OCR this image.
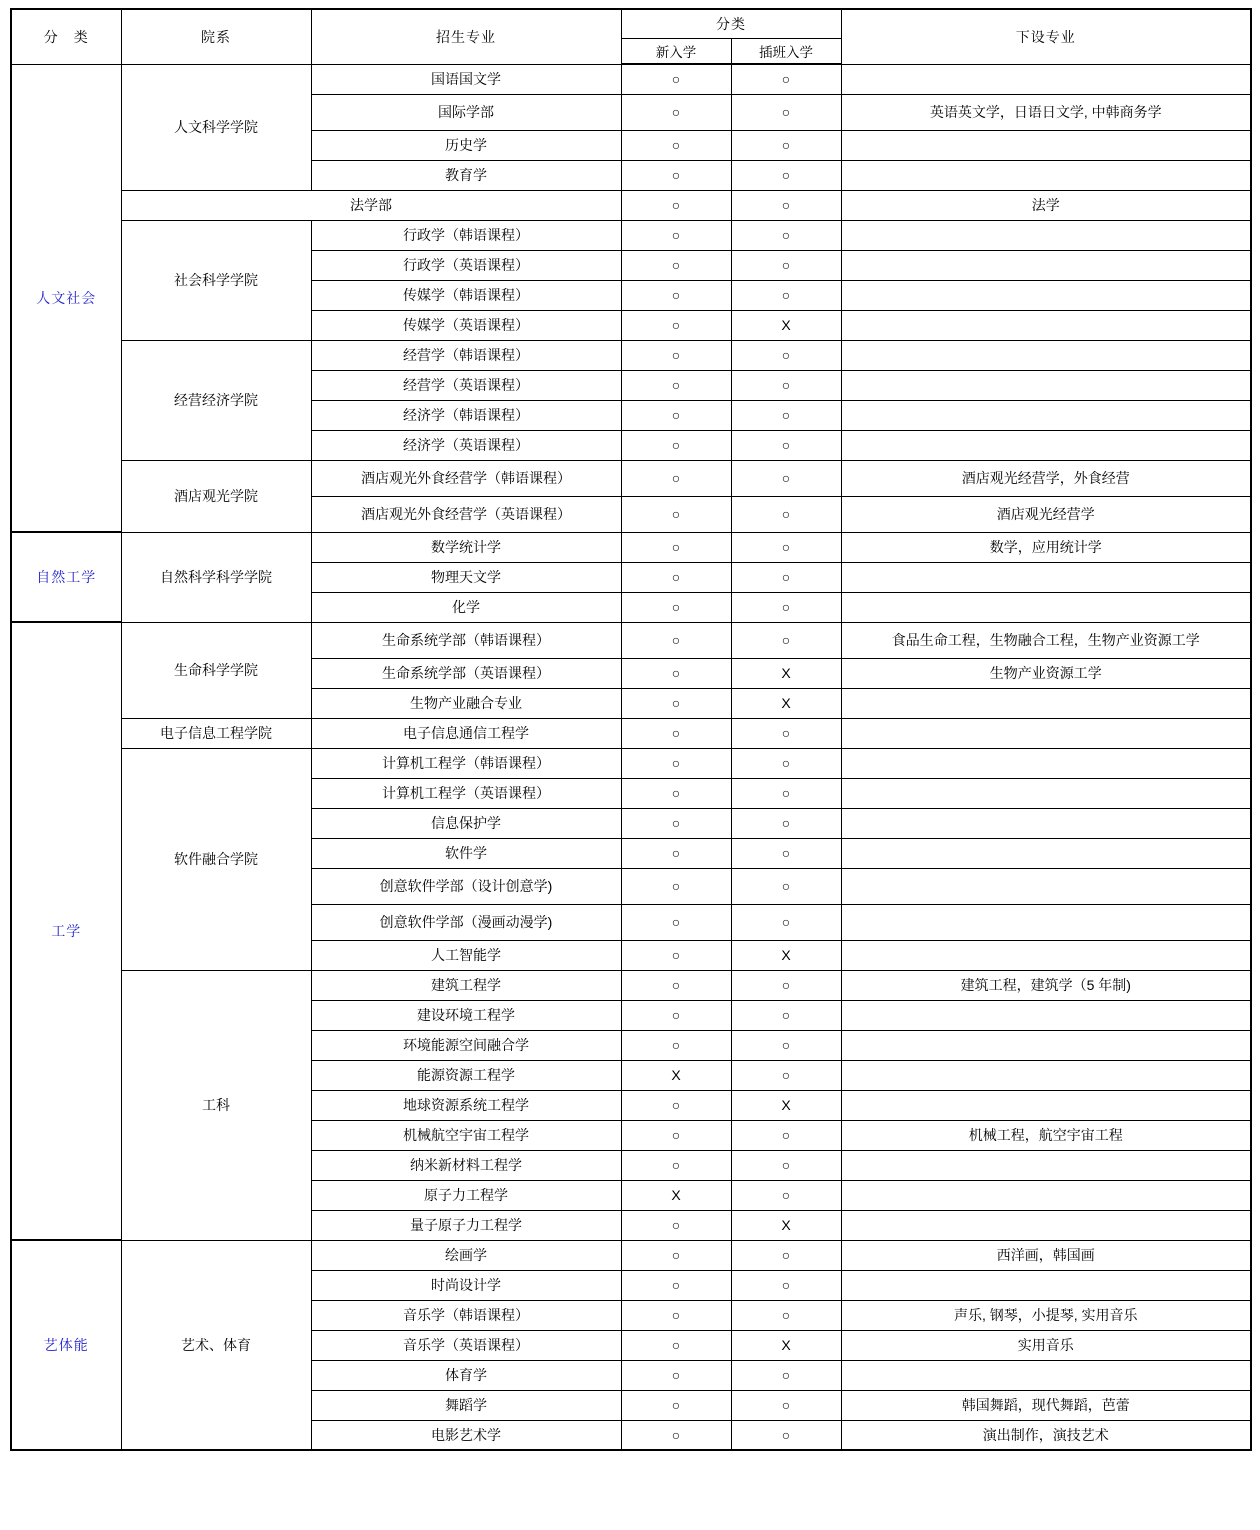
分　类	院系	招生专业	分类		下设专业
			新入学	插班入学	
人文社会	人文科学学院	国语国文学	○	○	
		国际学部	○	○	英语英文学，日语日文学, 中韩商务学
		历史学	○	○	
		教育学	○	○	
	法学部		○	○	法学
	社会科学学院	行政学（韩语课程）	○	○	
		行政学（英语课程）	○	○	
		传媒学（韩语课程）	○	○	
		传媒学（英语课程）	○	X	
	经营经济学院	经营学（韩语课程）	○	○	
		经营学（英语课程）	○	○	
		经济学（韩语课程）	○	○	
		经济学（英语课程）	○	○	
	酒店观光学院	酒店观光外食经营学（韩语课程）	○	○	酒店观光经营学，外食经营
		酒店观光外食经营学（英语课程）	○	○	酒店观光经营学
自然工学	自然科学科学学院	数学统计学	○	○	数学，应用统计学
		物理天文学	○	○	
		化学	○	○	
工学	生命科学学院	生命系统学部（韩语课程）	○	○	食品生命工程，生物融合工程，生物产业资源工学
		生命系统学部（英语课程）	○	X	生物产业资源工学
		生物产业融合专业	○	X	
	电子信息工程学院	电子信息通信工程学	○	○	
	软件融合学院	计算机工程学（韩语课程）	○	○	
		计算机工程学（英语课程）	○	○	
		信息保护学	○	○	
		软件学	○	○	
		创意软件学部（设计创意学)	○	○	
		创意软件学部（漫画动漫学)	○	○	
		人工智能学	○	X	
	工科	建筑工程学	○	○	建筑工程，建筑学（5 年制)
		建设环境工程学	○	○	
		环境能源空间融合学	○	○	
		能源资源工程学	X	○	
		地球资源系统工程学	○	X	
		机械航空宇宙工程学	○	○	机械工程，航空宇宙工程
		纳米新材料工程学	○	○	
		原子力工程学	X	○	
		量子原子力工程学	○	X	
艺体能	艺术、体育	绘画学	○	○	西洋画，韩国画
		时尚设计学	○	○	
		音乐学（韩语课程）	○	○	声乐, 钢琴，小提琴, 实用音乐
		音乐学（英语课程）	○	X	实用音乐
		体育学	○	○	
		舞蹈学	○	○	韩国舞蹈，现代舞蹈，芭蕾
		电影艺术学	○	○	演出制作，演技艺术
